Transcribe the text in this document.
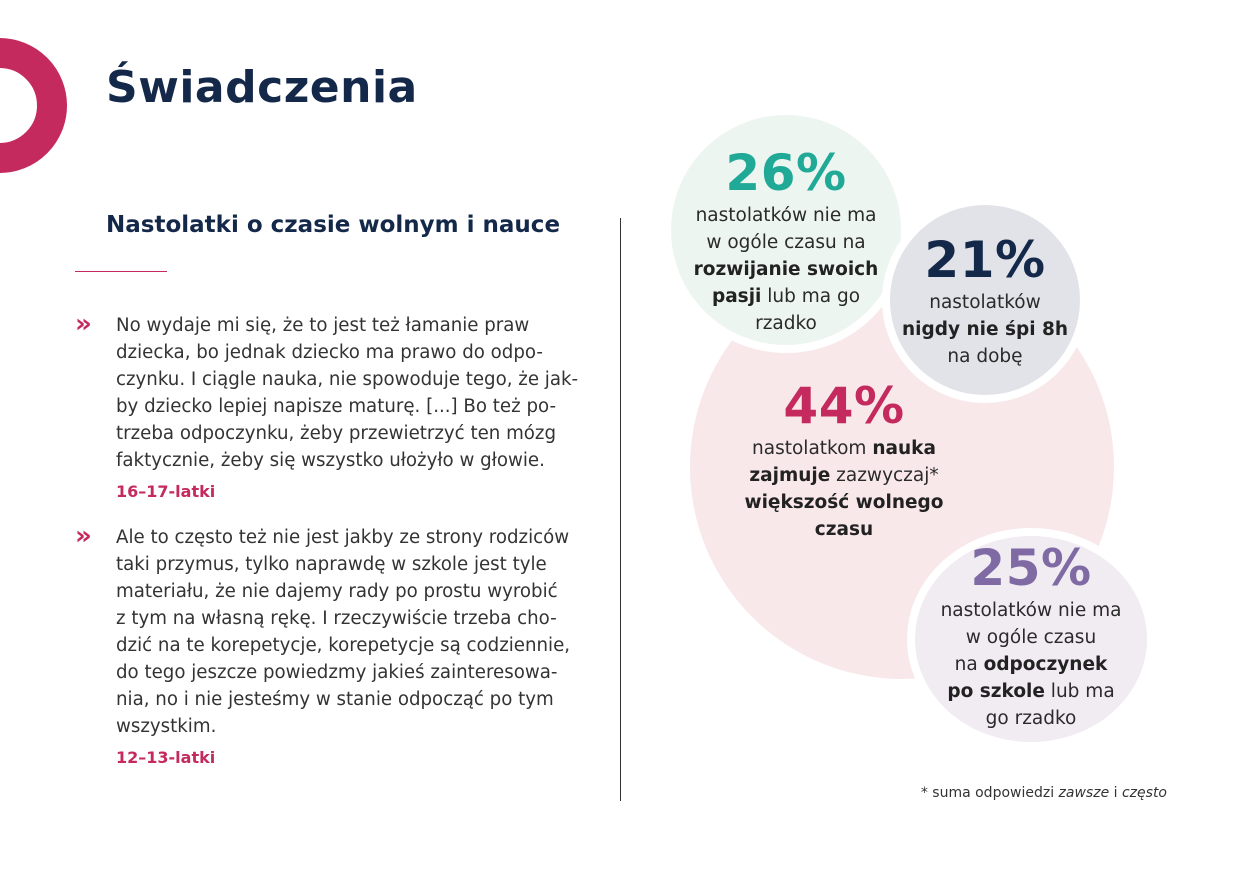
Świadczenia
Nastolatki o czasie wolnym i nauce
» No wydaje mi się, że to jest też łamanie praw
dziecka, bo jednak dziecko ma prawo do odpo-
czynku. I ciągle nauka, nie spowoduje tego, że jak-
by dziecko lepiej napisze maturę. [...] Bo też po-
trzeba odpoczynku, żeby przewietrzyć ten mózg
faktycznie, żeby się wszystko ułożyło w głowie.
16–17-latki
» Ale to często też nie jest jakby ze strony rodziców
taki przymus, tylko naprawdę w szkole jest tyle
materiału, że nie dajemy rady po prostu wyrobić
z tym na własną rękę. I rzeczywiście trzeba cho-
dzić na te korepetycje, korepetycje są codziennie,
do tego jeszcze powiedzmy jakieś zainteresowa-
nia, no i nie jesteśmy w stanie odpocząć po tym
wszystkim.
12–13-latki
26%
nastolatków nie ma
w ogóle czasu na
rozwijanie swoich
pasji lub ma go
rzadko
21%
nastolatków
nigdy nie śpi 8h
na dobę
44%
nastolatkom nauka
zajmuje zazwyczaj*
większość wolnego
czasu
25%
nastolatków nie ma
w ogóle czasu
na odpoczynek
po szkole lub ma
go rzadko
* suma odpowiedzi zawsze i często
